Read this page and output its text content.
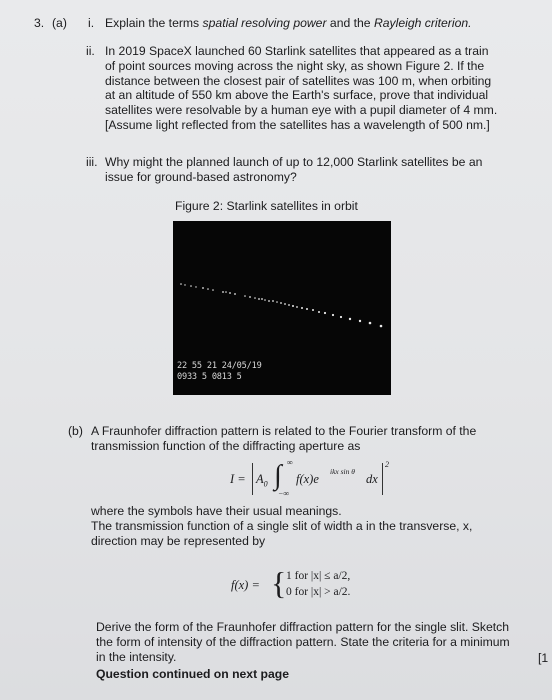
3. (a) i. Explain the terms spatial resolving power and the Rayleigh criterion.
ii. In 2019 SpaceX launched 60 Starlink satellites that appeared as a train
of point sources moving across the night sky, as shown Figure 2. If the
distance between the closest pair of satellites was 100 m, when orbiting
at an altitude of 550 km above the Earth's surface, prove that individual
satellites were resolvable by a human eye with a pupil diameter of 4 mm.
[Assume light reflected from the satellites has a wavelength of 500 nm.]
iii. Why might the planned launch of up to 12,000 Starlink satellites be an
issue for ground-based astronomy?
Figure 2: Starlink satellites in orbit
22 55 21 24/05/19
0933 5 0813 5
(b) A Fraunhofer diffraction pattern is related to the Fourier transform of the
transmission function of the diffracting aperture as
$I = A_0$ ∫ ∞
−∞
f(x)e
ikx sin θ
dx
2
where the symbols have their usual meanings.
The transmission function of a single slit of width a in the transverse, x,
direction may be represented by
f(x) = { 1 for |x| ≤ a/2,
0 for |x| > a/2.
Derive the form of the Fraunhofer diffraction pattern for the single slit. Sketch
the form of intensity of the diffraction pattern. State the criteria for a minimum
in the intensity.	[1
Question continued on next page
